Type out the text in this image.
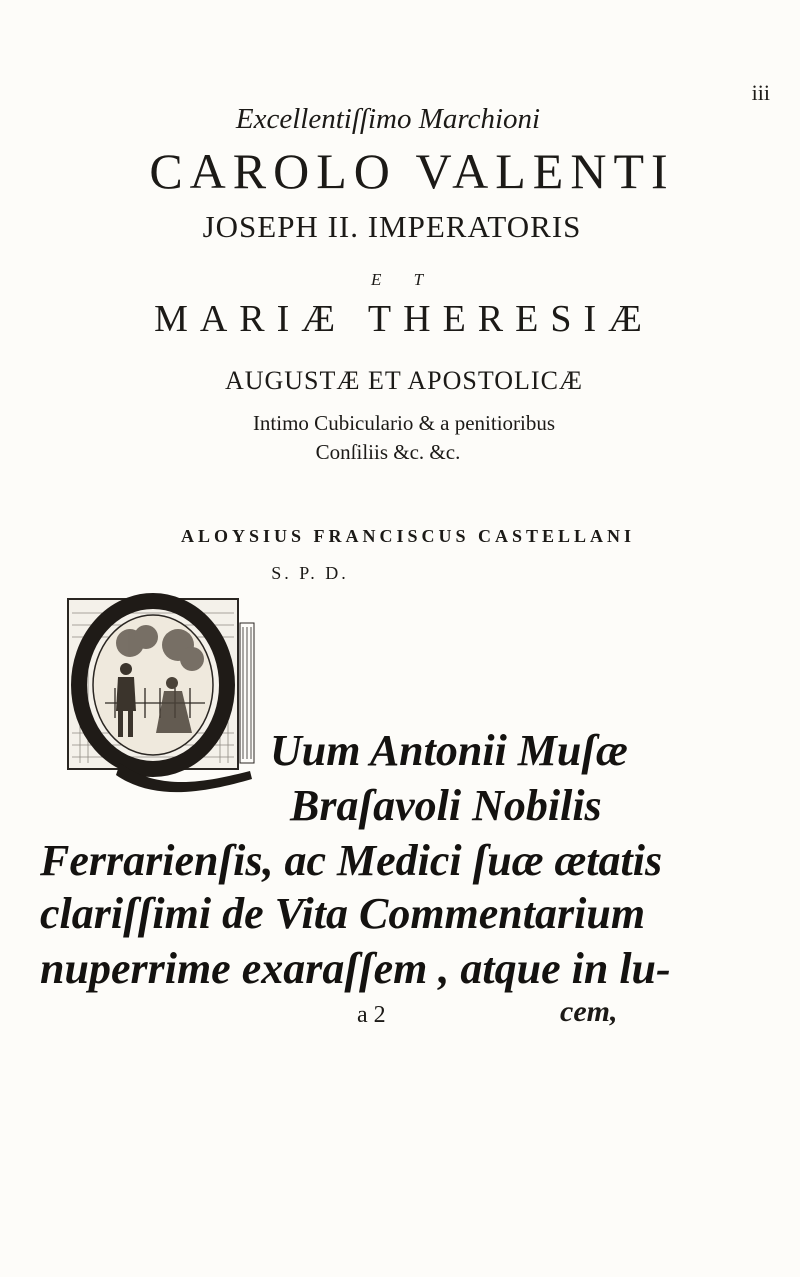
iii
Excellentiſſimo Marchioni
CAROLO VALENTI
JOSEPH II. IMPERATORIS
E T
MARIÆ THERESIÆ
AUGUSTÆ ET APOSTOLICÆ
Intimo Cubiculario & a penitioribus
Conſiliis &c. &c.
ALOYSIUS FRANCISCUS CASTELLANI
S. P. D.
Uum Antonii Muſæ
Braſavoli Nobilis
Ferrarienſis, ac Medici ſuæ ætatis
clariſſimi de Vita Commentarium
nuperrime exaraſſem , atque in lu-
a 2	cem,
